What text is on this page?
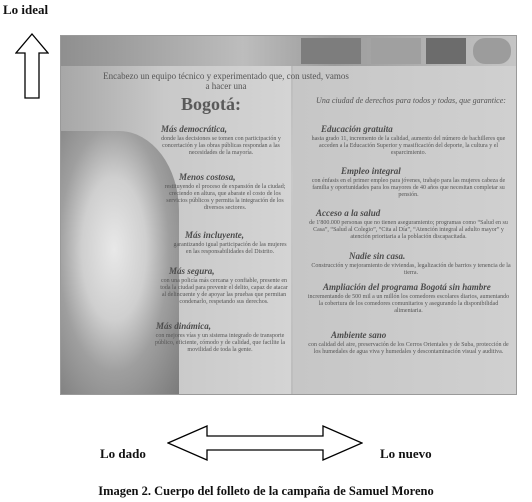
Lo ideal
Encabezo un equipo técnico y experimentado que, con usted, vamos a hacer una
Bogotá:	Una ciudad de derechos para todos y todas, que garantice:
Más democrática,
donde las decisiones se tomen con participación y concertación y las obras públicas respondan a las necesidades de la mayoría.
Menos costosa,
restituyendo el proceso de expansión de la ciudad; creciendo en altura, que abarate el costo de los servicios públicos y permita la integración de los diversos sectores.
Más incluyente,
garantizando igual participación de las mujeres en las responsabilidades del Distrito.
Más segura,
con una policía más cercana y confiable, presente en toda la ciudad para prevenir el delito, capaz de atacar al delincuente y de apoyar las pruebas que permitan condenarlo, respetando sus derechos.
Más dinámica,
con mejores vías y un sistema integrado de transporte público, eficiente, cómodo y de calidad, que facilite la movilidad de toda la gente.
Educación gratuita
hasta grado 11, incremento de la calidad, aumento del número de bachilleres que acceden a la Educación Superior y masificación del deporte, la cultura y el esparcimiento.
Empleo integral
con énfasis en el primer empleo para jóvenes, trabajo para las mujeres cabeza de familia y oportunidades para los mayores de 40 años que necesitan completar su pensión.
Acceso a la salud
de 1'800.000 personas que no tienen aseguramiento; programas como “Salud en su Casa”, “Salud al Colegio”, “Cita al Día”, “Atención integral al adulto mayor” y atención prioritaria a la población discapacitada.
Nadie sin casa.
Construcción y mejoramiento de viviendas, legalización de barrios y tenencia de la tierra.
Ampliación del programa Bogotá sin hambre
incrementando de 500 mil a un millón los comedores escolares diarios, aumentando la cobertura de los comedores comunitarios y asegurando la disponibilidad alimentaria.
Ambiente sano
con calidad del aire, preservación de los Cerros Orientales y de Suba, protección de los humedales de agua viva y humedales y descontaminación visual y auditiva.
Lo dado	Lo nuevo
Imagen 2. Cuerpo del folleto de la campaña de Samuel Moreno
